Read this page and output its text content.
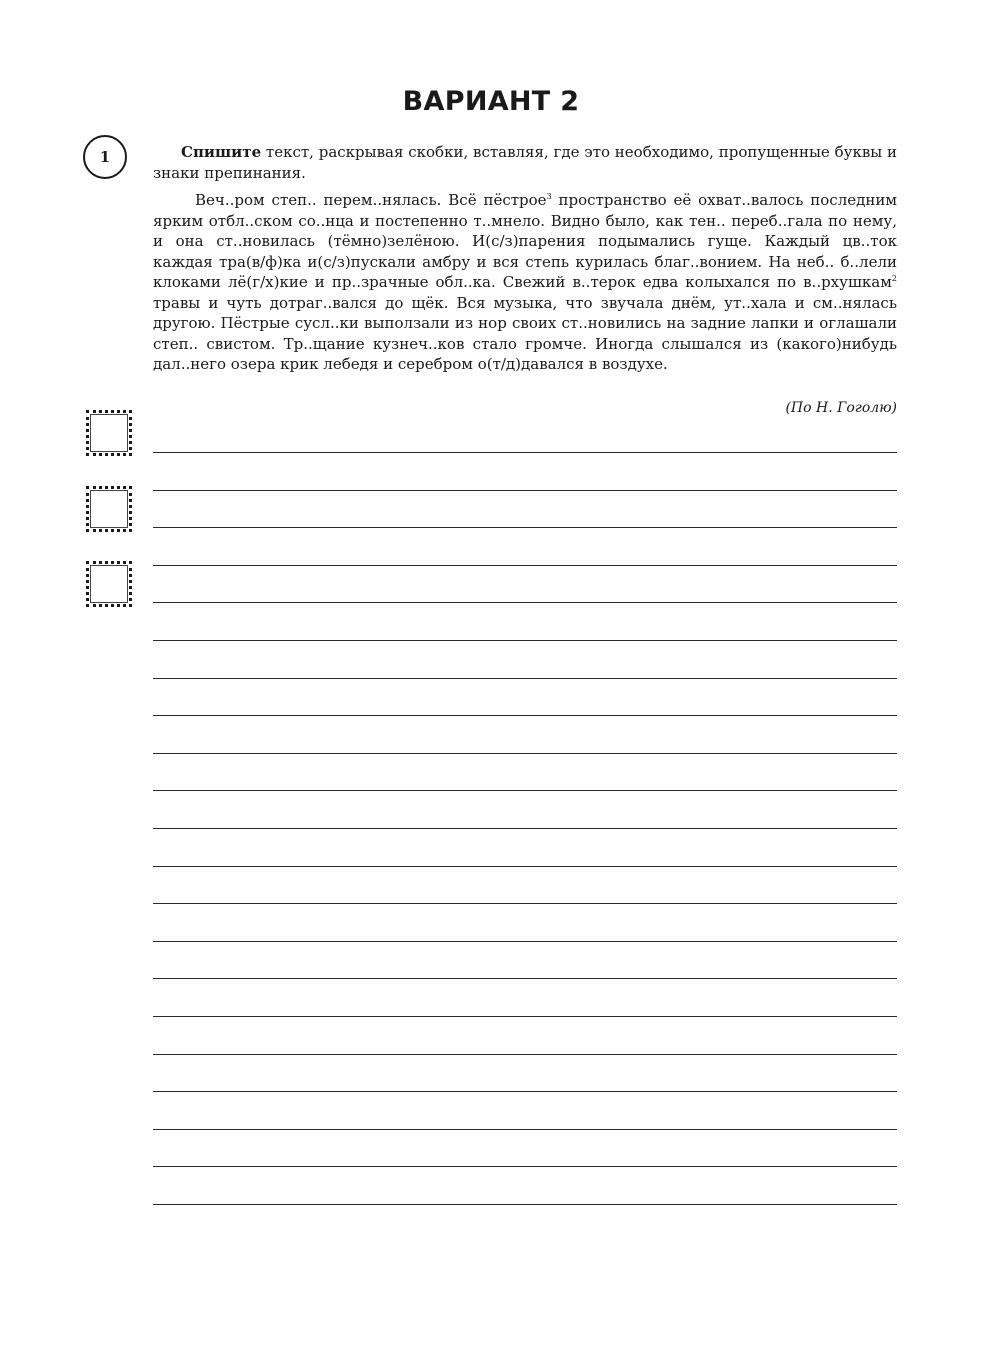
ВАРИАНТ 2
1	Спишите текст, раскрывая скобки, вставляя, где это необходимо, пропущенные буквы и знаки препинания.

Веч..ром степ.. перем..нялась. Всё пёстрое$^3$ пространство её охват..валось последним ярким отбл..ском со..нца и постепенно т..мнело. Видно было, как тен.. переб..гала по нему, и она ст..новилась (тёмно)зелёною. И(с/з)парения подымались гуще. Каждый цв..ток каждая тра(в/ф)ка и(с/з)пускали амбру и вся степь курилась благ..вонием. На неб.. б..лели клоками лё(г/х)кие и пр..зрачные обл..ка. Свежий в..терок едва колыхался по в..рхушкам$^2$ травы и чуть дотраг..вался до щёк. Вся музыка, что звучала днём, ут..хала и см..нялась другою. Пёстрые сусл..ки выползали из нор своих ст..новились на задние лапки и оглашали степ.. свистом. Тр..щание кузнеч..ков стало громче. Иногда слышался из (какого)нибудь дал..него озера крик лебедя и серебром о(т/д)давался в воздухе.

(По Н. Гоголю)
